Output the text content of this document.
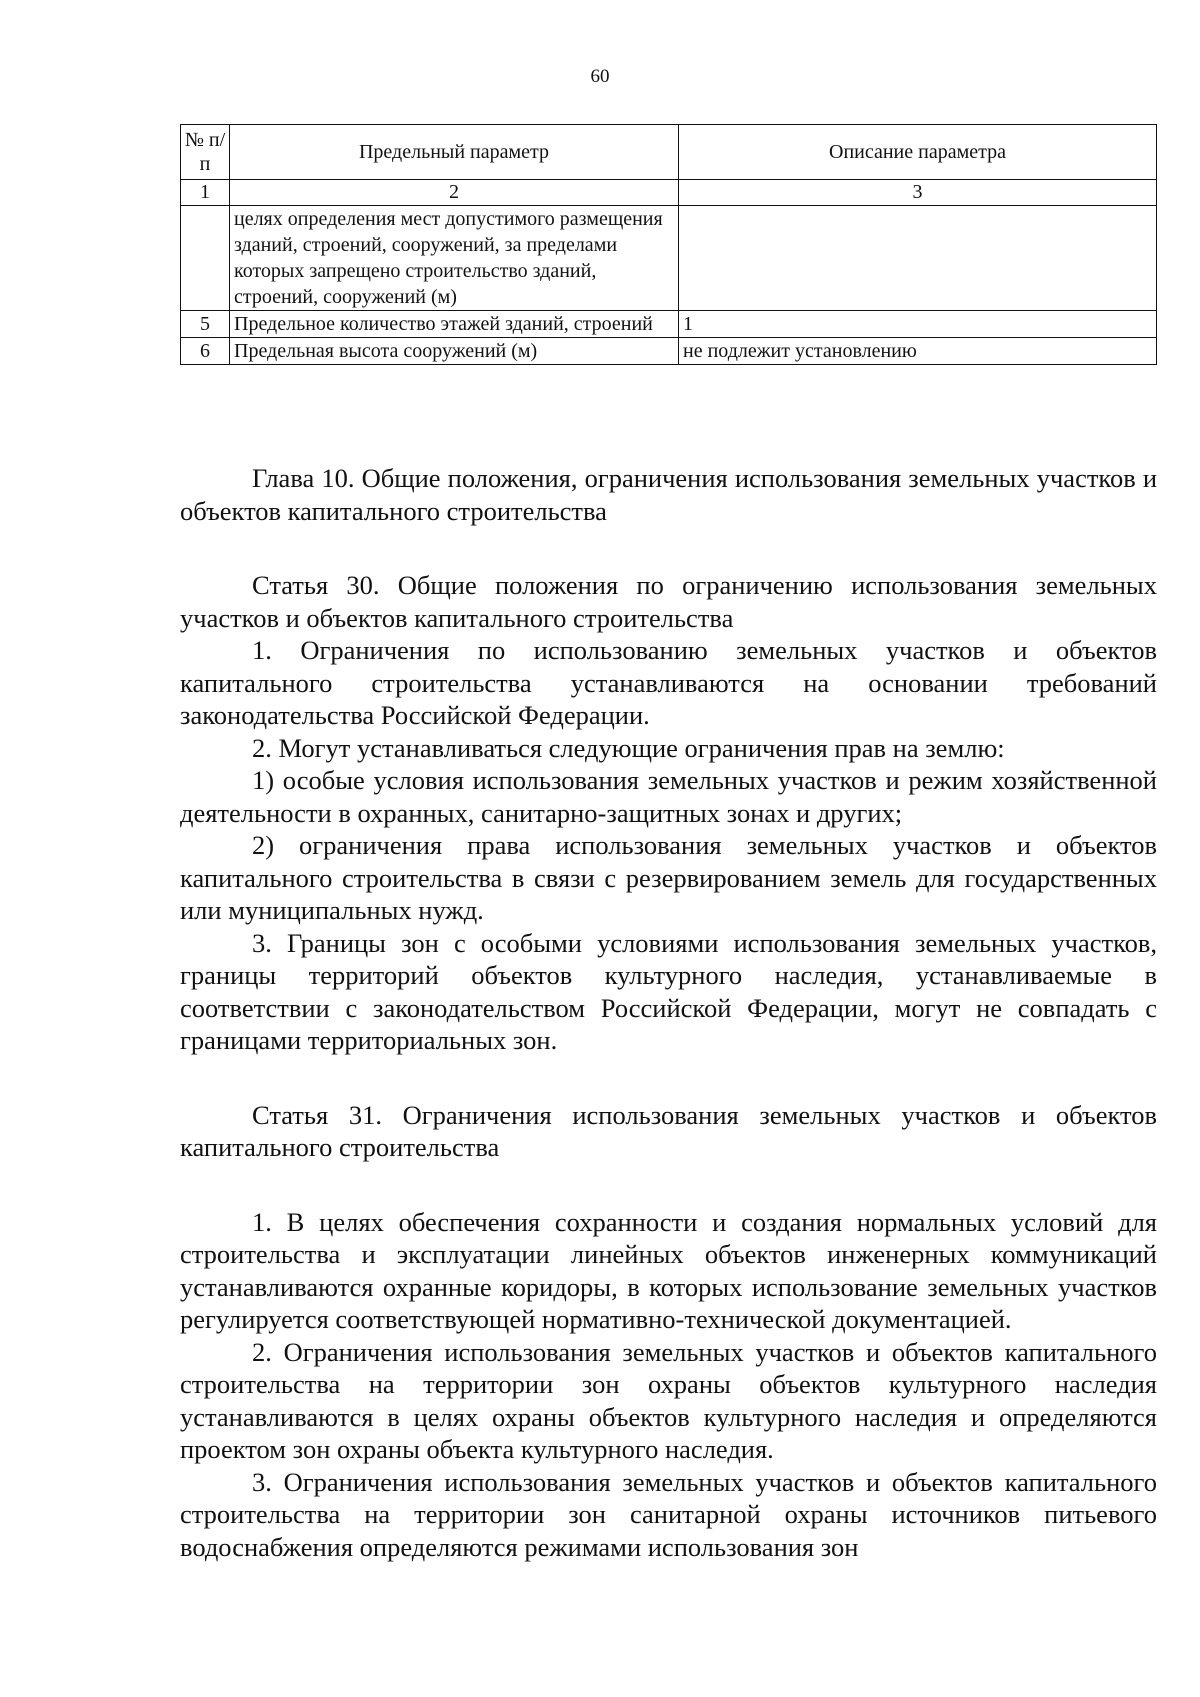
60
№ п/п	Предельный параметр	Описание параметра
1	2	3
	целях определения мест допустимого размещения зданий, строений, сооружений, за пределами которых запрещено строительство зданий, строений, сооружений (м)	
5	Предельное количество этажей зданий, строений	1
6	Предельная высота сооружений (м)	не подлежит установлению

Глава 10. Общие положения, ограничения использования земельных участков и объектов капитального строительства

Статья 30. Общие положения по ограничению использования земельных участков и объектов капитального строительства

1. Ограничения по использованию земельных участков и объектов капитального строительства устанавливаются на основании требований законодательства Российской Федерации.

2. Могут устанавливаться следующие ограничения прав на землю:

1) особые условия использования земельных участков и режим хозяйственной деятельности в охранных, санитарно-защитных зонах и других;

2) ограничения права использования земельных участков и объектов капитального строительства в связи с резервированием земель для государственных или муниципальных нужд.

3. Границы зон с особыми условиями использования земельных участков, границы территорий объектов культурного наследия, устанавливаемые в соответствии с законодательством Российской Федерации, могут не совпадать с границами территориальных зон.

Статья 31. Ограничения использования земельных участков и объектов капитального строительства

1. В целях обеспечения сохранности и создания нормальных условий для строительства и эксплуатации линейных объектов инженерных коммуникаций устанавливаются охранные коридоры, в которых использование земельных участков регулируется соответствующей нормативно-технической документацией.

2. Ограничения использования земельных участков и объектов капитального строительства на территории зон охраны объектов культурного наследия устанавливаются в целях охраны объектов культурного наследия и определяются проектом зон охраны объекта культурного наследия.

3. Ограничения использования земельных участков и объектов капитального строительства на территории зон санитарной охраны источников питьевого водоснабжения определяются режимами использования зон
